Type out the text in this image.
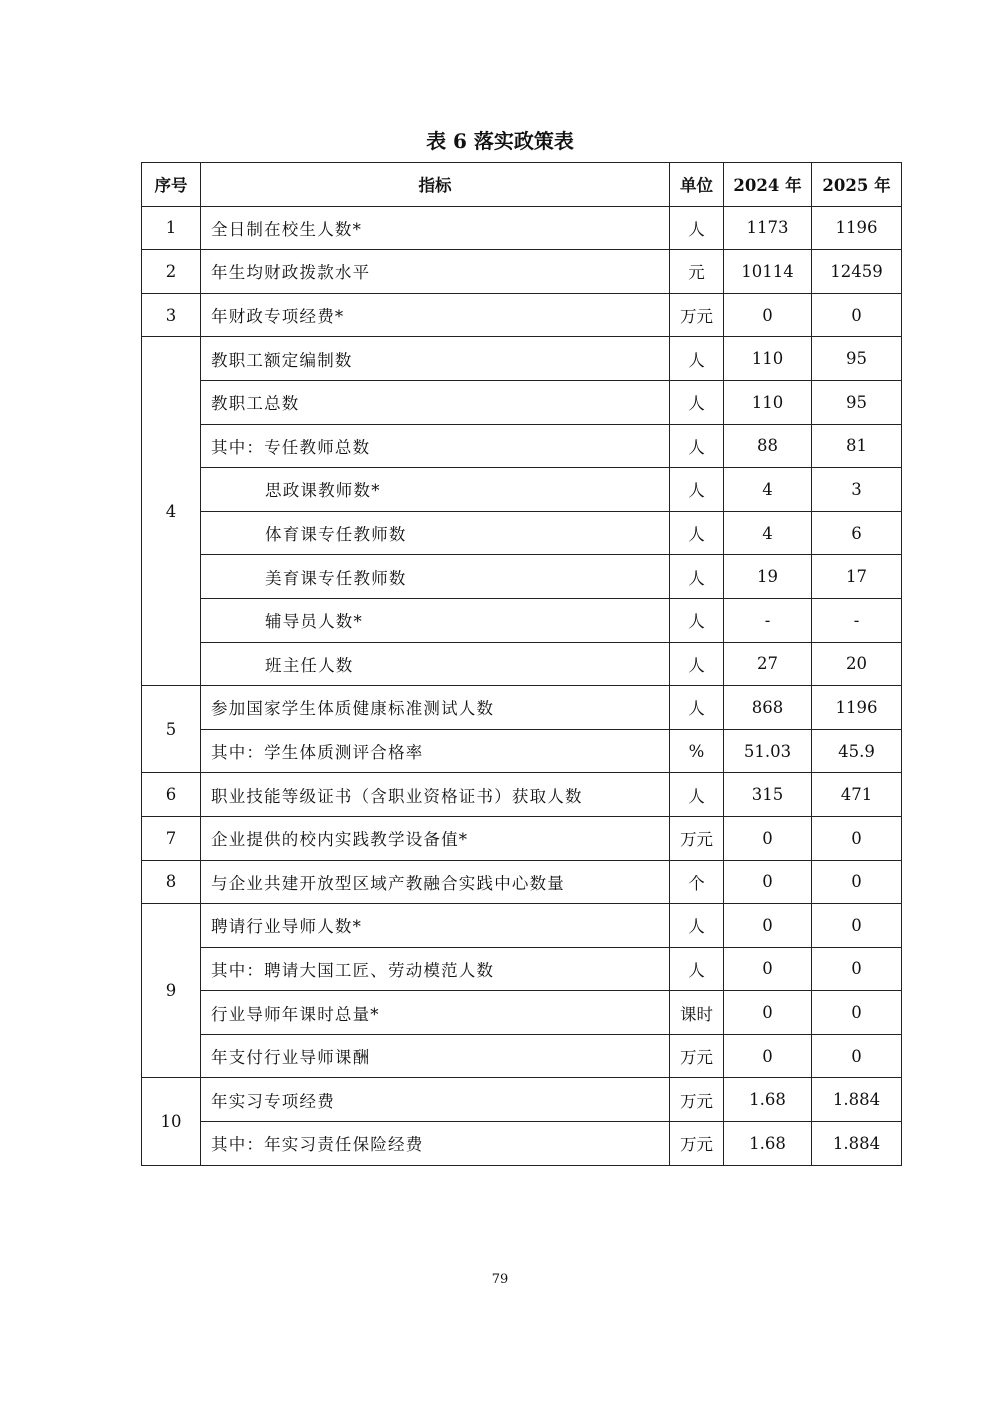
表 6 落实政策表
序号	指标	单位	2024 年	2025 年
1	全日制在校生人数*	人	1173	1196
2	年生均财政拨款水平	元	10114	12459
3	年财政专项经费*	万元	0	0
4	教职工额定编制数	人	110	95
	教职工总数	人	110	95
	其中：专任教师总数	人	88	81
	思政课教师数*	人	4	3
	体育课专任教师数	人	4	6
	美育课专任教师数	人	19	17
	辅导员人数*	人	-	-
	班主任人数	人	27	20
5	参加国家学生体质健康标准测试人数	人	868	1196
	其中：学生体质测评合格率	%	51.03	45.9
6	职业技能等级证书（含职业资格证书）获取人数	人	315	471
7	企业提供的校内实践教学设备值*	万元	0	0
8	与企业共建开放型区域产教融合实践中心数量	个	0	0
9	聘请行业导师人数*	人	0	0
	其中：聘请大国工匠、劳动模范人数	人	0	0
	行业导师年课时总量*	课时	0	0
	年支付行业导师课酬	万元	0	0
10	年实习专项经费	万元	1.68	1.884
	其中：年实习责任保险经费	万元	1.68	1.884
79
